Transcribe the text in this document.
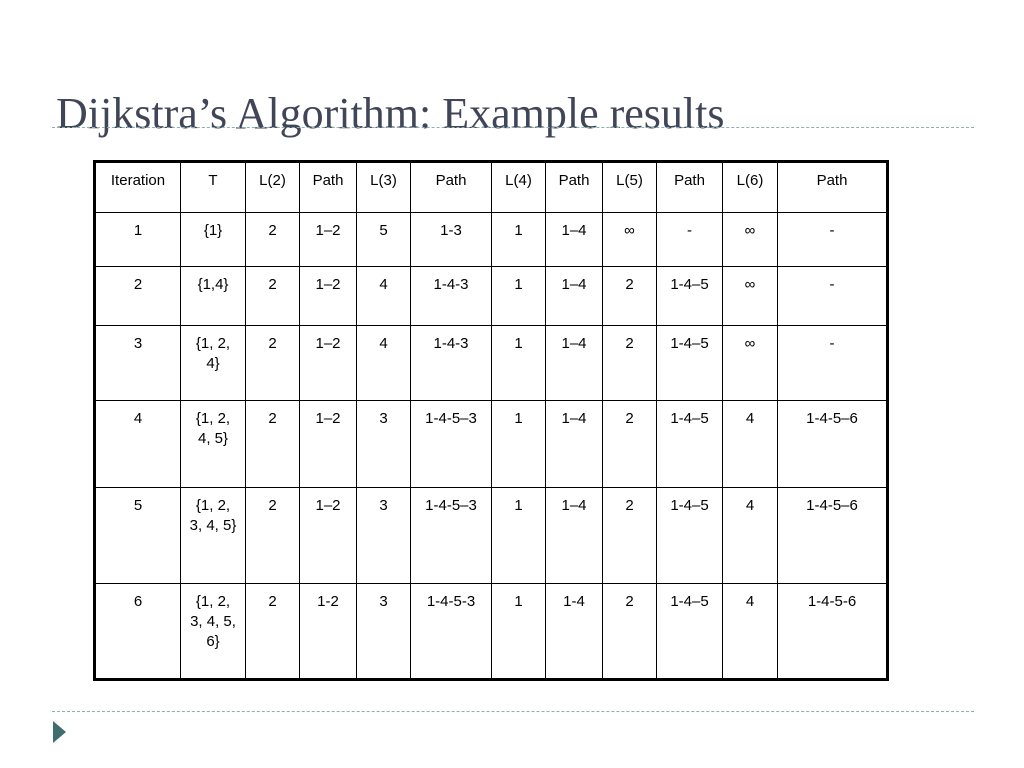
Dijkstra’s Algorithm: Example results
Iteration	T	L(2)	Path	L(3)	Path	L(4)	Path	L(5)	Path	L(6)	Path
1	{1}	2	1–2	5	1-3	1	1–4	∞	-	∞	-
2	{1,4}	2	1–2	4	1-4-3	1	1–4	2	1-4–5	∞	-
3	{1, 2, 4}	2	1–2	4	1-4-3	1	1–4	2	1-4–5	∞	-
4	{1, 2, 4, 5}	2	1–2	3	1-4-5–3	1	1–4	2	1-4–5	4	1-4-5–6
5	{1, 2, 3, 4, 5}	2	1–2	3	1-4-5–3	1	1–4	2	1-4–5	4	1-4-5–6
6	{1, 2, 3, 4, 5, 6}	2	1-2	3	1-4-5-3	1	1-4	2	1-4–5	4	1-4-5-6
